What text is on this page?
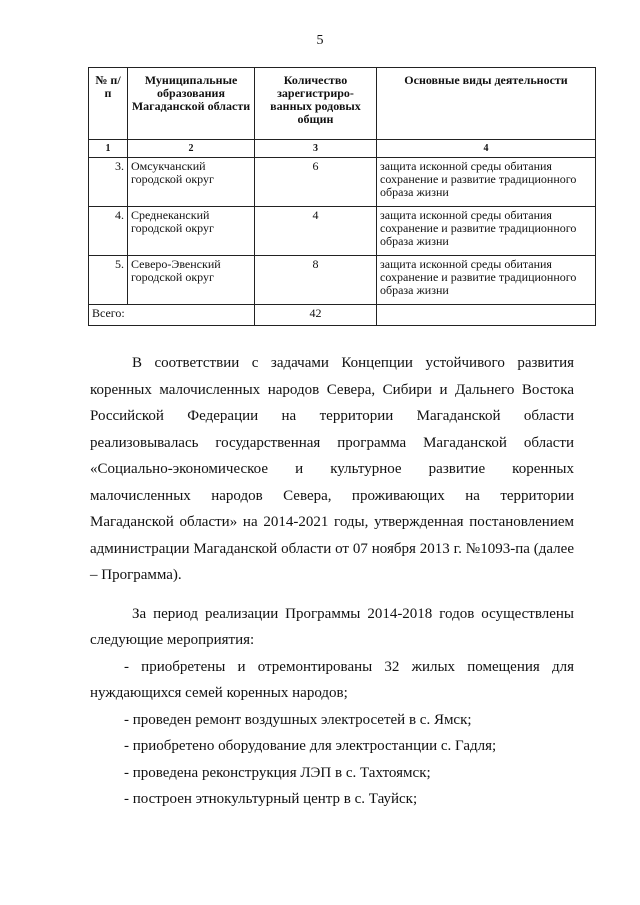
5
№ п/п	Муниципальные образования Магаданской области	Количество зарегистриро-ванных родовых общин	Основные виды деятельности
1	2	3	4
3.	Омсукчанский городской округ	6	защита исконной среды обитания сохранение и развитие традиционного образа жизни
4.	Среднеканский городской округ	4	защита исконной среды обитания сохранение и развитие традиционного образа жизни
5.	Северо-Эвенский городской округ	8	защита исконной среды обитания сохранение и развитие традиционного образа жизни
Всего:		42	

В соответствии с задачами Концепции устойчивого развития коренных малочисленных народов Севера, Сибири и Дальнего Востока Российской Федерации на территории Магаданской области реализовывалась государственная программа Магаданской области «Социально-экономическое и культурное развитие коренных малочисленных народов Севера, проживающих на территории Магаданской области» на 2014-2021 годы, утвержденная постановлением администрации Магаданской области от 07 ноября 2013 г. №1093-па (далее – Программа).

За период реализации Программы 2014-2018 годов осуществлены следующие мероприятия:

- приобретены и отремонтированы 32 жилых помещения для нуждающихся семей коренных народов;

- проведен ремонт воздушных электросетей в с. Ямск;

- приобретено оборудование для электростанции с. Гадля;

- проведена реконструкция ЛЭП в с. Тахтоямск;

- построен этнокультурный центр в с. Тауйск;
